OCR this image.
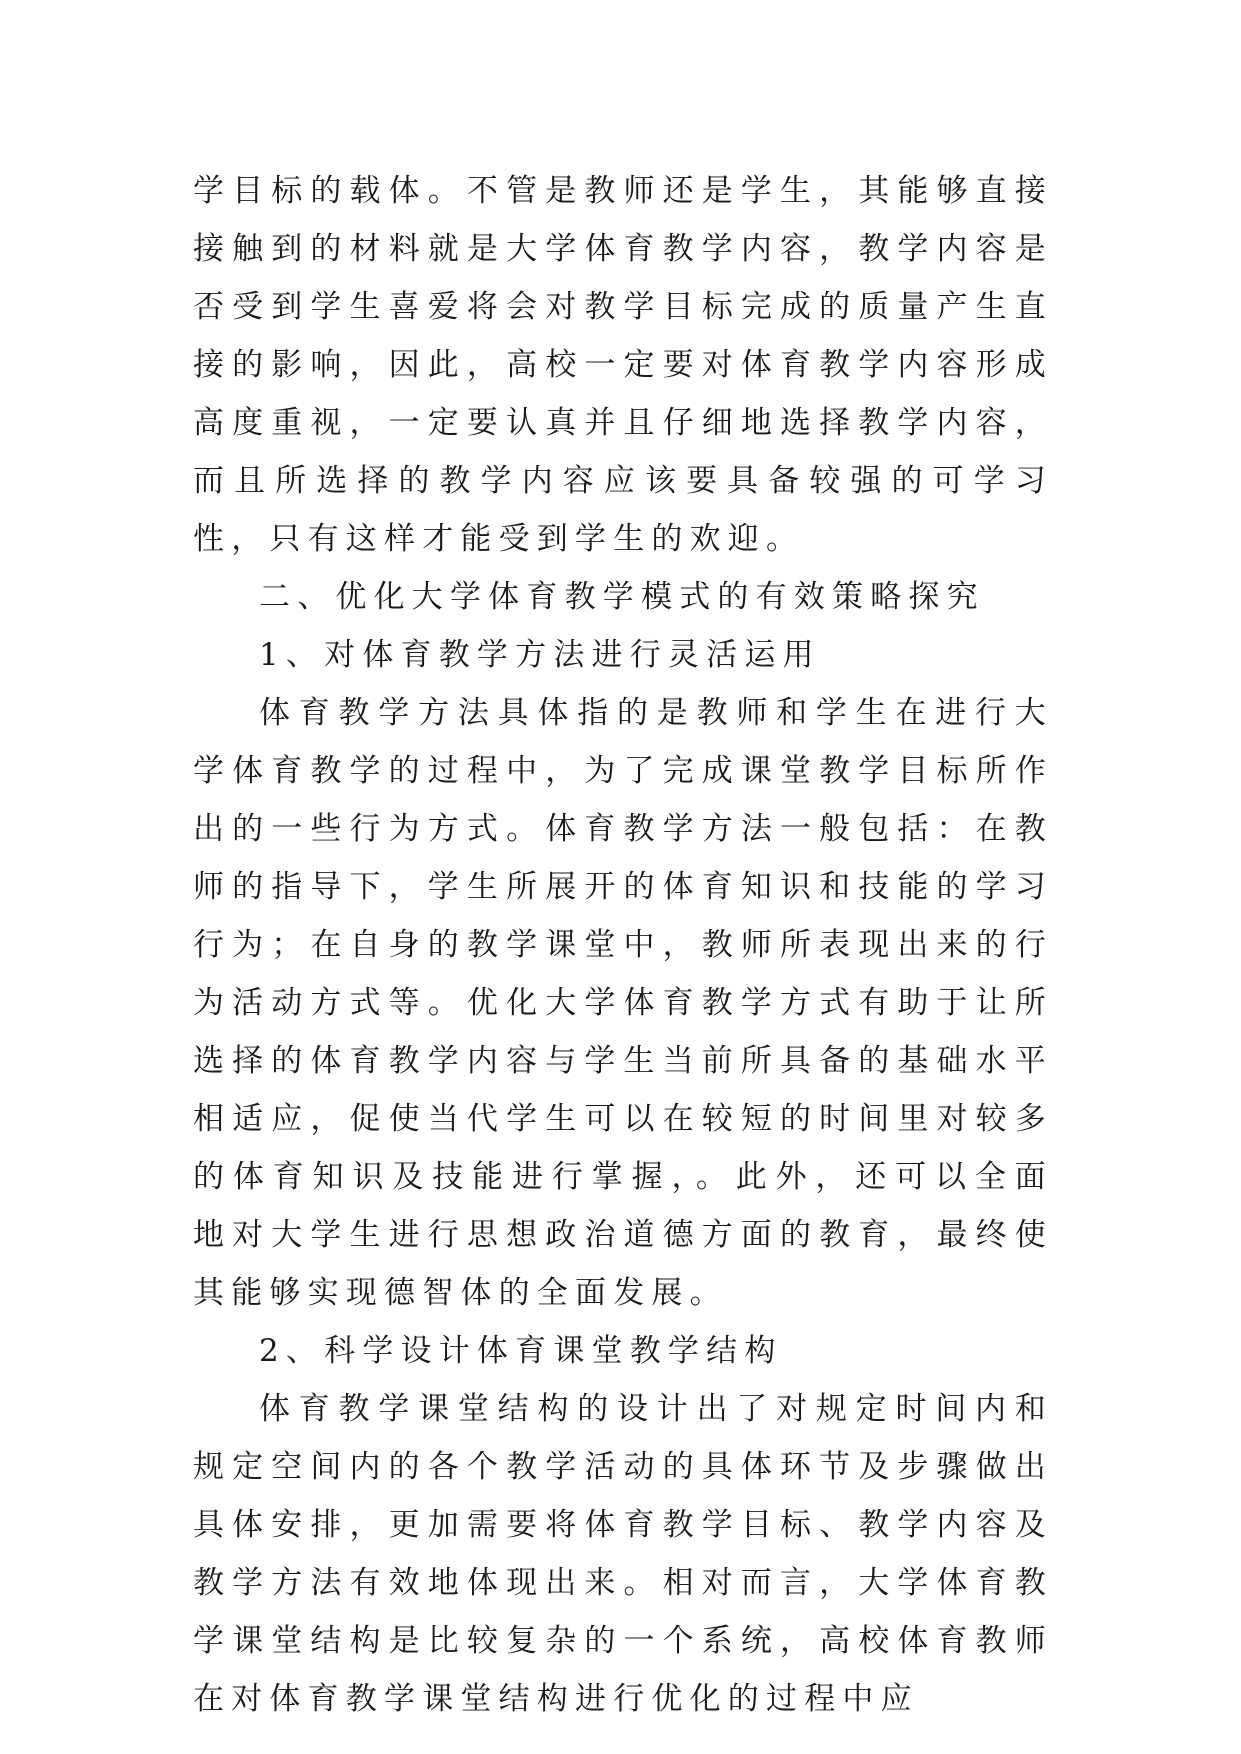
学目标的载体。不管是教师还是学生，其能够直接接触到的材料就是大学体育教学内容，教学内容是否受到学生喜爱将会对教学目标完成的质量产生直接的影响，因此，高校一定要对体育教学内容形成高度重视，一定要认真并且仔细地选择教学内容，而且所选择的教学内容应该要具备较强的可学习性，只有这样才能受到学生的欢迎。

二、优化大学体育教学模式的有效策略探究

1、对体育教学方法进行灵活运用

体育教学方法具体指的是教师和学生在进行大学体育教学的过程中，为了完成课堂教学目标所作出的一些行为方式。体育教学方法一般包括：在教师的指导下，学生所展开的体育知识和技能的学习行为；在自身的教学课堂中，教师所表现出来的行为活动方式等。优化大学体育教学方式有助于让所选择的体育教学内容与学生当前所具备的基础水平相适应，促使当代学生可以在较短的时间里对较多的体育知识及技能进行掌握，。此外，还可以全面地对大学生进行思想政治道德方面的教育，最终使其能够实现德智体的全面发展。

2、科学设计体育课堂教学结构

体育教学课堂结构的设计出了对规定时间内和规定空间内的各个教学活动的具体环节及步骤做出具体安排，更加需要将体育教学目标、教学内容及教学方法有效地体现出来。相对而言，大学体育教学课堂结构是比较复杂的一个系统，高校体育教师在对体育教学课堂结构进行优化的过程中应
